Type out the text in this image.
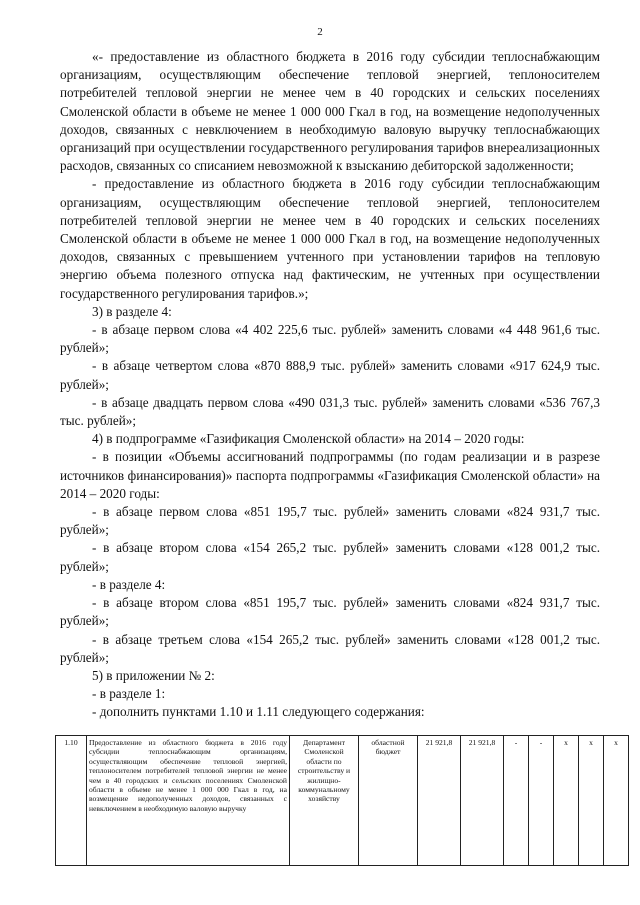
2

«- предоставление из областного бюджета в 2016 году субсидии теплоснабжающим организациям, осуществляющим обеспечение тепловой энергией, теплоносителем потребителей тепловой энергии не менее чем в 40 городских и сельских поселениях Смоленской области в объеме не менее 1 000 000 Гкал в год, на возмещение недополученных доходов, связанных с невключением в необходимую валовую выручку теплоснабжающих организаций при осуществлении государственного регулирования тарифов внереализационных расходов, связанных со списанием невозможной к взысканию дебиторской задолженности;

- предоставление из областного бюджета в 2016 году субсидии теплоснабжающим организациям, осуществляющим обеспечение тепловой энергией, теплоносителем потребителей тепловой энергии не менее чем в 40 городских и сельских поселениях Смоленской области в объеме не менее 1 000 000 Гкал в год, на возмещение недополученных доходов, связанных с превышением учтенного при установлении тарифов на тепловую энергию объема полезного отпуска над фактическим, не учтенных при осуществлении государственного регулирования тарифов.»;

3) в разделе 4:

- в абзаце первом слова «4 402 225,6 тыс. рублей» заменить словами «4 448 961,6 тыс. рублей»;

- в абзаце четвертом слова «870 888,9 тыс. рублей» заменить словами «917 624,9 тыс. рублей»;

- в абзаце двадцать первом слова «490 031,3 тыс. рублей» заменить словами «536 767,3 тыс. рублей»;

4) в подпрограмме «Газификация Смоленской области» на 2014 – 2020 годы:

- в позиции «Объемы ассигнований подпрограммы (по годам реализации и в разрезе источников финансирования)» паспорта подпрограммы «Газификация Смоленской области» на 2014 – 2020 годы:

- в абзаце первом слова «851 195,7 тыс. рублей» заменить словами «824 931,7 тыс. рублей»;

- в абзаце втором слова «154 265,2 тыс. рублей» заменить словами «128 001,2 тыс. рублей»;

- в разделе 4:

- в абзаце втором слова «851 195,7 тыс. рублей» заменить словами «824 931,7 тыс. рублей»;

- в абзаце третьем слова «154 265,2 тыс. рублей» заменить словами «128 001,2 тыс. рублей»;

5) в приложении № 2:

- в разделе 1:

- дополнить пунктами 1.10 и 1.11 следующего содержания:

1.10	Предоставление из областного бюджета в 2016 году субсидии теплоснабжающим организациям, осуществляющим обеспечение тепловой энергией, теплоносителем потребителей тепловой энергии не менее чем в 40 городских и сельских поселениях Смоленской области в объеме не менее 1 000 000 Гкал в год, на возмещение недополученных доходов, связанных с невключением в необходимую валовую выручку	Департамент Смоленской области по строительству и жилищно-коммунальному хозяйству	областной бюджет	21 921,8	21 921,8	-	-	х	х	х
